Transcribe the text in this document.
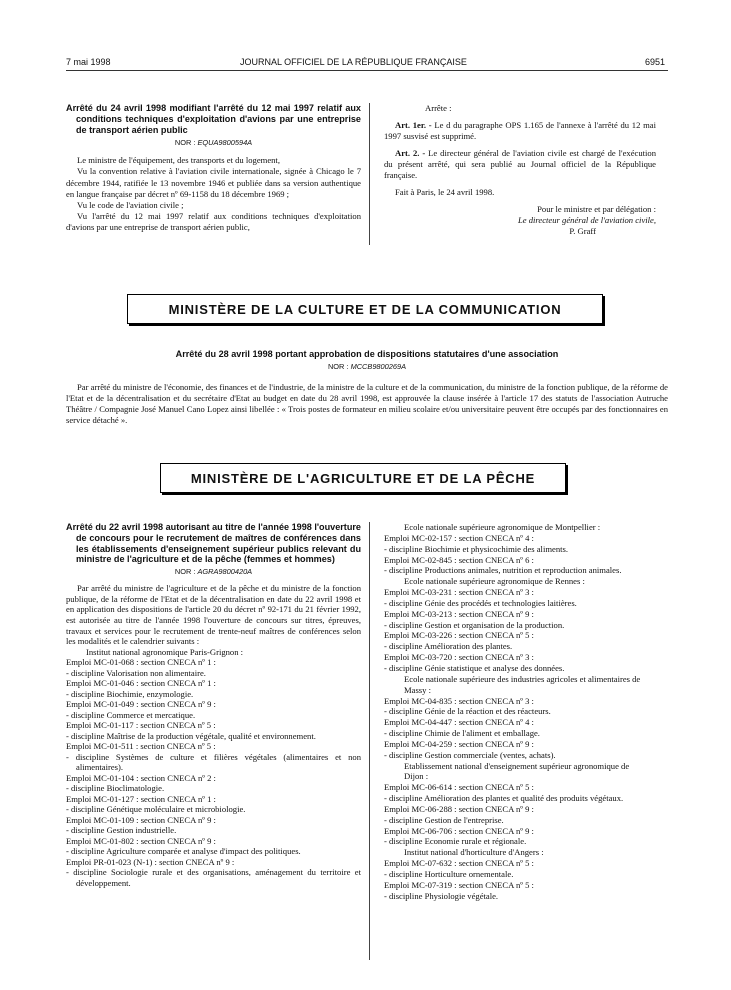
7 mai 1998	JOURNAL OFFICIEL DE LA RÉPUBLIQUE FRANÇAISE	6951
Arrêté du 24 avril 1998 modifiant l'arrêté du 12 mai 1997 relatif aux conditions techniques d'exploitation d'avions par une entreprise de transport aérien public
NOR : EQUA9800594A

Le ministre de l'équipement, des transports et du logement,

Vu la convention relative à l'aviation civile internationale, signée à Chicago le 7 décembre 1944, ratifiée le 13 novembre 1946 et publiée dans sa version authentique en langue française par décret nº 69-1158 du 18 décembre 1969 ;

Vu le code de l'aviation civile ;

Vu l'arrêté du 12 mai 1997 relatif aux conditions techniques d'exploitation d'avions par une entreprise de transport aérien public,

Arrête :

Art. 1er. - Le d du paragraphe OPS 1.165 de l'annexe à l'arrêté du 12 mai 1997 susvisé est supprimé.

Art. 2. - Le directeur général de l'aviation civile est chargé de l'exécution du présent arrêté, qui sera publié au Journal officiel de la République française.

Fait à Paris, le 24 avril 1998.

Pour le ministre et par délégation :

Le directeur général de l'aviation civile,

P. Graff

MINISTÈRE DE LA CULTURE ET DE LA COMMUNICATION
Arrêté du 28 avril 1998 portant approbation de dispositions statutaires d'une association
NOR : MCCB9800269A
Par arrêté du ministre de l'économie, des finances et de l'industrie, de la ministre de la culture et de la communication, du ministre de la fonction publique, de la réforme de l'Etat et de la décentralisation et du secrétaire d'Etat au budget en date du 28 avril 1998, est approuvée la clause insérée à l'article 17 des statuts de l'association Autruche Théâtre / Compagnie José Manuel Cano Lopez ainsi libellée : « Trois postes de formateur en milieu scolaire et/ou universitaire peuvent être occupés par des fonctionnaires en service détaché ».
MINISTÈRE DE L'AGRICULTURE ET DE LA PÊCHE
Arrêté du 22 avril 1998 autorisant au titre de l'année 1998 l'ouverture de concours pour le recrutement de maîtres de conférences dans les établissements d'enseignement supérieur publics relevant du ministre de l'agriculture et de la pêche (femmes et hommes)
NOR : AGRA9800420A

Par arrêté du ministre de l'agriculture et de la pêche et du ministre de la fonction publique, de la réforme de l'Etat et de la décentralisation en date du 22 avril 1998 et en application des dispositions de l'article 20 du décret nº 92-171 du 21 février 1992, est autorisée au titre de l'année 1998 l'ouverture de concours sur titres, épreuves, travaux et services pour le recrutement de trente-neuf maîtres de conférences selon les modalités et le calendrier suivants :

Institut national agronomique Paris-Grignon :

Emploi MC-01-068 : section CNECA nº 1 :

- discipline Valorisation non alimentaire.

Emploi MC-01-046 : section CNECA nº 1 :

- discipline Biochimie, enzymologie.

Emploi MC-01-049 : section CNECA nº 9 :

- discipline Commerce et mercatique.

Emploi MC-01-117 : section CNECA nº 5 :

- discipline Maîtrise de la production végétale, qualité et environnement.

Emploi MC-01-511 : section CNECA nº 5 :

- discipline Systèmes de culture et filières végétales (alimentaires et non alimentaires).

Emploi MC-01-104 : section CNECA nº 2 :

- discipline Bioclimatologie.

Emploi MC-01-127 : section CNECA nº 1 :

- discipline Génétique moléculaire et microbiologie.

Emploi MC-01-109 : section CNECA nº 9 :

- discipline Gestion industrielle.

Emploi MC-01-802 : section CNECA nº 9 :

- discipline Agriculture comparée et analyse d'impact des politiques.

Emploi PR-01-023 (N-1) : section CNECA nº 9 :

- discipline Sociologie rurale et des organisations, aménagement du territoire et développement.

Ecole nationale supérieure agronomique de Montpellier :

Emploi MC-02-157 : section CNECA nº 4 :

- discipline Biochimie et physicochimie des aliments.

Emploi MC-02-845 : section CNECA nº 6 :

- discipline Productions animales, nutrition et reproduction animales.

Ecole nationale supérieure agronomique de Rennes :

Emploi MC-03-231 : section CNECA nº 3 :

- discipline Génie des procédés et technologies laitières.

Emploi MC-03-213 : section CNECA nº 9 :

- discipline Gestion et organisation de la production.

Emploi MC-03-226 : section CNECA nº 5 :

- discipline Amélioration des plantes.

Emploi MC-03-720 : section CNECA nº 3 :

- discipline Génie statistique et analyse des données.

Ecole nationale supérieure des industries agricoles et alimentaires de Massy :

Emploi MC-04-835 : section CNECA nº 3 :

- discipline Génie de la réaction et des réacteurs.

Emploi MC-04-447 : section CNECA nº 4 :

- discipline Chimie de l'aliment et emballage.

Emploi MC-04-259 : section CNECA nº 9 :

- discipline Gestion commerciale (ventes, achats).

Etablissement national d'enseignement supérieur agronomique de Dijon :

Emploi MC-06-614 : section CNECA nº 5 :

- discipline Amélioration des plantes et qualité des produits végétaux.

Emploi MC-06-288 : section CNECA nº 9 :

- discipline Gestion de l'entreprise.

Emploi MC-06-706 : section CNECA nº 9 :

- discipline Economie rurale et régionale.

Institut national d'horticulture d'Angers :

Emploi MC-07-632 : section CNECA nº 5 :

- discipline Horticulture ornementale.

Emploi MC-07-319 : section CNECA nº 5 :

- discipline Physiologie végétale.
